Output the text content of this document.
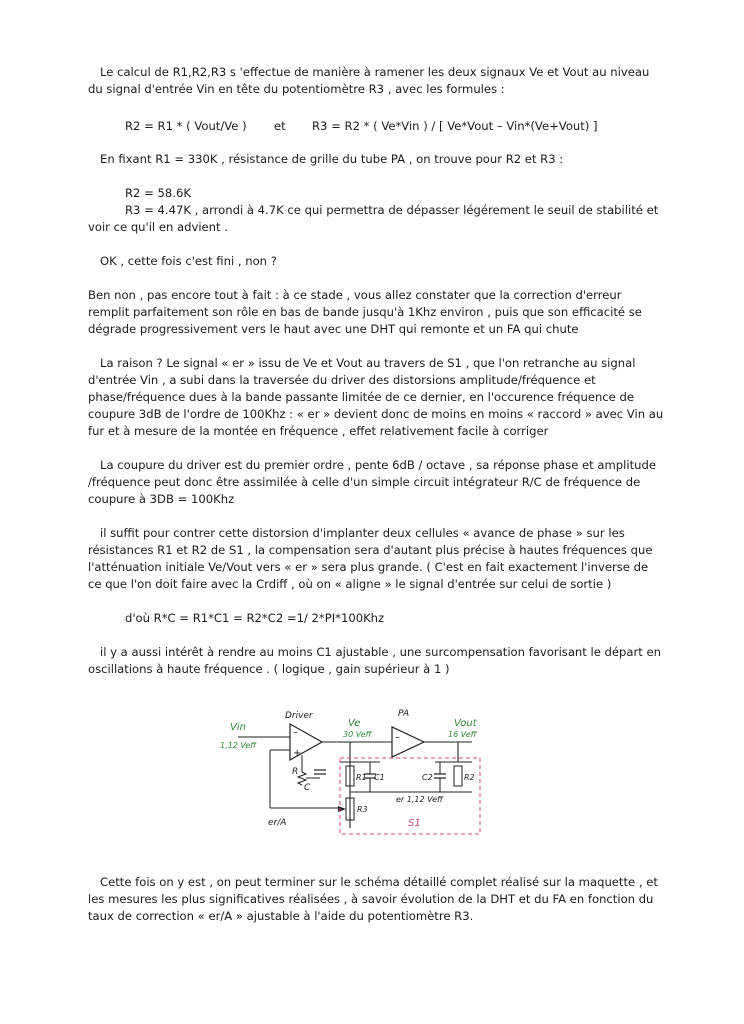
Le calcul de R1,R2,R3 s 'effectue de manière à ramener les deux signaux Ve et Vout au niveau du signal d'entrée Vin en tête du potentiomètre R3 , avec les formules :

R2 = R1 * ( Vout/Ve ) et R3 = R2 * ( Ve*Vin ) / [ Ve*Vout – Vin*(Ve+Vout) ]

En fixant R1 = 330K , résistance de grille du tube PA , on trouve pour R2 et R3 :

R2 = 58.6K

R3 = 4.47K , arrondi à 4.7K ce qui permettra de dépasser légérement le seuil de stabilité et voir ce qu'il en advient .

OK , cette fois c'est fini , non ?

Ben non , pas encore tout à fait : à ce stade , vous allez constater que la correction d'erreur remplit parfaitement son rôle en bas de bande jusqu'à 1Khz environ , puis que son efficacité se dégrade progressivement vers le haut avec une DHT qui remonte et un FA qui chute

La raison ? Le signal « er » issu de Ve et Vout au travers de S1 , que l'on retranche au signal d'entrée Vin , a subi dans la traversée du driver des distorsions amplitude/fréquence et phase/fréquence dues à la bande passante limitée de ce dernier, en l'occurence fréquence de coupure 3dB de l'ordre de 100Khz : « er » devient donc de moins en moins « raccord » avec Vin au fur et à mesure de la montée en fréquence , effet relativement facile à corriger

La coupure du driver est du premier ordre , pente 6dB / octave , sa réponse phase et amplitude /fréquence peut donc être assimilée à celle d'un simple circuit intégrateur R/C de fréquence de coupure à 3DB = 100Khz

il suffit pour contrer cette distorsion d'implanter deux cellules « avance de phase » sur les résistances R1 et R2 de S1 , la compensation sera d'autant plus précise à hautes fréquences que l'atténuation initiale Ve/Vout vers « er » sera plus grande. ( C'est en fait exactement l'inverse de ce que l'on doit faire avec la Crdiff , où on « aligne » le signal d'entrée sur celui de sortie )

d'où R*C = R1*C1 = R2*C2 =1/ 2*PI*100Khz

il y a aussi intérêt à rendre au moins C1 ajustable , une surcompensation favorisant le départ en oscillations à haute fréquence . ( logique , gain supérieur à 1 )

Vin
1,12 Veff
Driver
Ve
30 Veff
PA
Vout
16 Veff
–
+
–
R
C
R1 C1	C2	R2
er 1,12 Veff
R3
er/A	S1

Cette fois on y est , on peut terminer sur le schéma détaillé complet réalisé sur la maquette , et les mesures les plus significatives réalisées , à savoir évolution de la DHT et du FA en fonction du taux de correction « er/A » ajustable à l'aide du potentiomètre R3.
